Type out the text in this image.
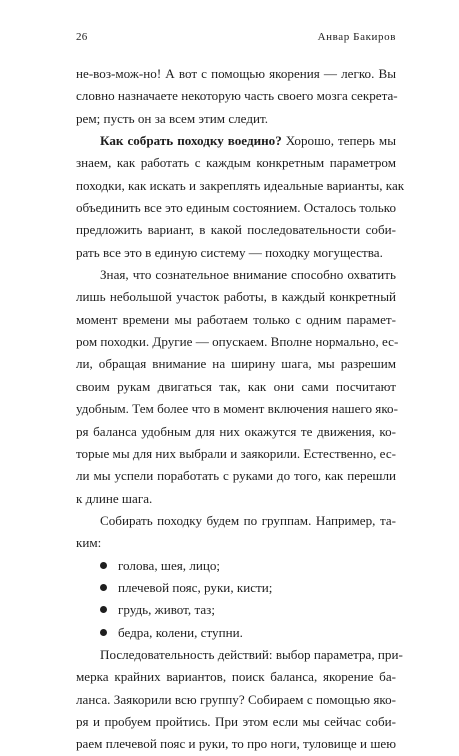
26	Анвар Бакиров
не-воз-мож-но! А вот с помощью якорения — легко. Вы
словно назначаете некоторую часть своего мозга секрета-
рем; пусть он за всем этим следит.
Как собрать походку воедино? Хорошо, теперь мы
знаем, как работать с каждым конкретным параметром
походки, как искать и закреплять идеальные варианты, как
объединить все это единым состоянием. Осталось только
предложить вариант, в какой последовательности соби-
рать все это в единую систему — походку могущества.
Зная, что сознательное внимание способно охватить
лишь небольшой участок работы, в каждый конкретный
момент времени мы работаем только с одним парамет-
ром походки. Другие — опускаем. Вполне нормально, ес-
ли, обращая внимание на ширину шага, мы разрешим
своим рукам двигаться так, как они сами посчитают
удобным. Тем более что в момент включения нашего яко-
ря баланса удобным для них окажутся те движения, ко-
торые мы для них выбрали и заякорили. Естественно, ес-
ли мы успели поработать с руками до того, как перешли
к длине шага.
Собирать походку будем по группам. Например, та-
ким:
голова, шея, лицо;
плечевой пояс, руки, кисти;
грудь, живот, таз;
бедра, колени, ступни.
Последовательность действий: выбор параметра, при-
мерка крайних вариантов, поиск баланса, якорение ба-
ланса. Заякорили всю группу? Собираем с помощью яко-
ря и пробуем пройтись. При этом если мы сейчас соби-
раем плечевой пояс и руки, то про ноги, туловище и шею
